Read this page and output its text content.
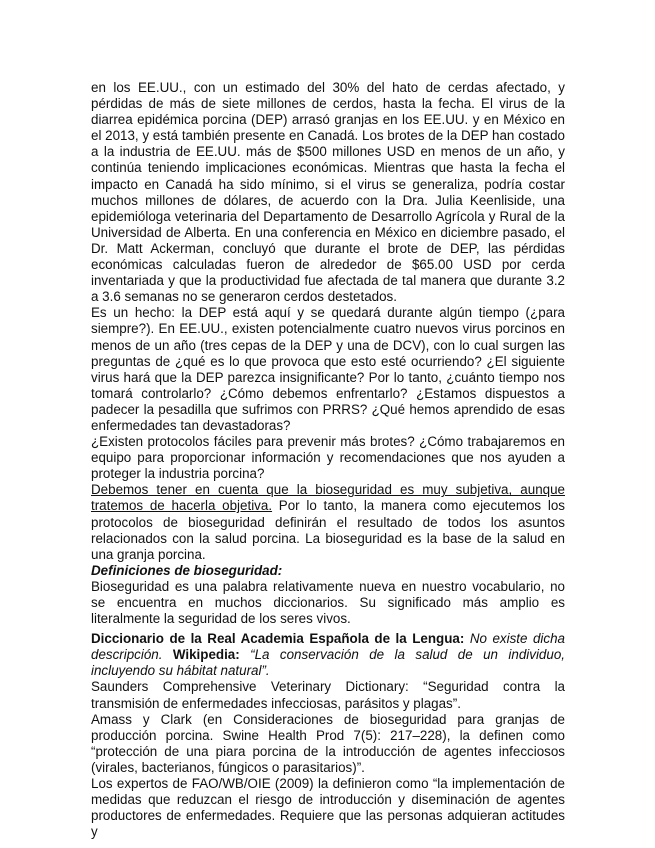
en los EE.UU., con un estimado del 30% del hato de cerdas afectado, y pérdidas de más de siete millones de cerdos, hasta la fecha. El virus de la diarrea epidémica porcina (DEP) arrasó granjas en los EE.UU. y en México en el 2013, y está también presente en Canadá. Los brotes de la DEP han costado a la industria de EE.UU. más de $500 millones USD en menos de un año, y continúa teniendo implicaciones económicas. Mientras que hasta la fecha el impacto en Canadá ha sido mínimo, si el virus se generaliza, podría costar muchos millones de dólares, de acuerdo con la Dra. Julia Keenliside, una epidemióloga veterinaria del Departamento de Desarrollo Agrícola y Rural de la Universidad de Alberta. En una conferencia en México en diciembre pasado, el Dr. Matt Ackerman, concluyó que durante el brote de DEP, las pérdidas económicas calculadas fueron de alrededor de $65.00 USD por cerda inventariada y que la productividad fue afectada de tal manera que durante 3.2 a 3.6 semanas no se generaron cerdos destetados.

Es un hecho: la DEP está aquí y se quedará durante algún tiempo (¿para siempre?). En EE.UU., existen potencialmente cuatro nuevos virus porcinos en menos de un año (tres cepas de la DEP y una de DCV), con lo cual surgen las preguntas de ¿qué es lo que provoca que esto esté ocurriendo? ¿El siguiente virus hará que la DEP parezca insignificante? Por lo tanto, ¿cuánto tiempo nos tomará controlarlo? ¿Cómo debemos enfrentarlo? ¿Estamos dispuestos a padecer la pesadilla que sufrimos con PRRS? ¿Qué hemos aprendido de esas enfermedades tan devastadoras?

¿Existen protocolos fáciles para prevenir más brotes? ¿Cómo trabajaremos en equipo para proporcionar información y recomendaciones que nos ayuden a proteger la industria porcina?

Debemos tener en cuenta que la bioseguridad es muy subjetiva, aunque tratemos de hacerla objetiva. Por lo tanto, la manera como ejecutemos los protocolos de bioseguridad definirán el resultado de todos los asuntos relacionados con la salud porcina. La bioseguridad es la base de la salud en una granja porcina.

Definiciones de bioseguridad:

Bioseguridad es una palabra relativamente nueva en nuestro vocabulario, no se encuentra en muchos diccionarios. Su significado más amplio es literalmente la seguridad de los seres vivos.

Diccionario de la Real Academia Española de la Lengua: No existe dicha descripción. Wikipedia: “La conservación de la salud de un individuo, incluyendo su hábitat natural”.

Saunders Comprehensive Veterinary Dictionary: “Seguridad contra la transmisión de enfermedades infecciosas, parásitos y plagas”.

Amass y Clark (en Consideraciones de bioseguridad para granjas de producción porcina. Swine Health Prod 7(5): 217–228), la definen como “protección de una piara porcina de la introducción de agentes infecciosos (virales, bacterianos, fúngicos o parasitarios)”.

Los expertos de FAO/WB/OIE (2009) la definieron como “la implementación de medidas que reduzcan el riesgo de introducción y diseminación de agentes productores de enfermedades. Requiere que las personas adquieran actitudes y
